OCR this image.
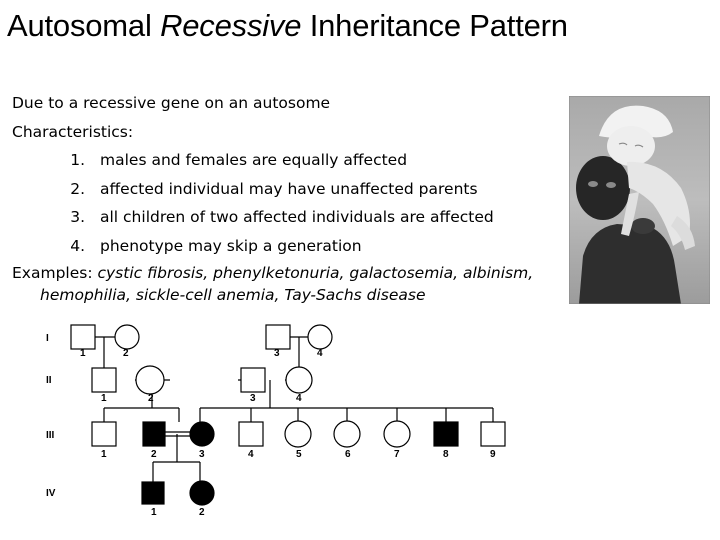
Autosomal Recessive Inheritance Pattern
Due to a recessive gene on an autosome
Characteristics:
1. males and females are equally affected
2. affected individual may have unaffected parents
3. all children of two affected individuals are affected
4. phenotype may skip a generation
Examples: cystic fibrosis, phenylketonuria, galactosemia, albinism,
hemophilia, sickle-cell anemia, Tay-Sachs disease
I
II
III
IV
1	2	3	4
1	2	3	4
1	2	3	4	5	6	7	8	9
1	2
